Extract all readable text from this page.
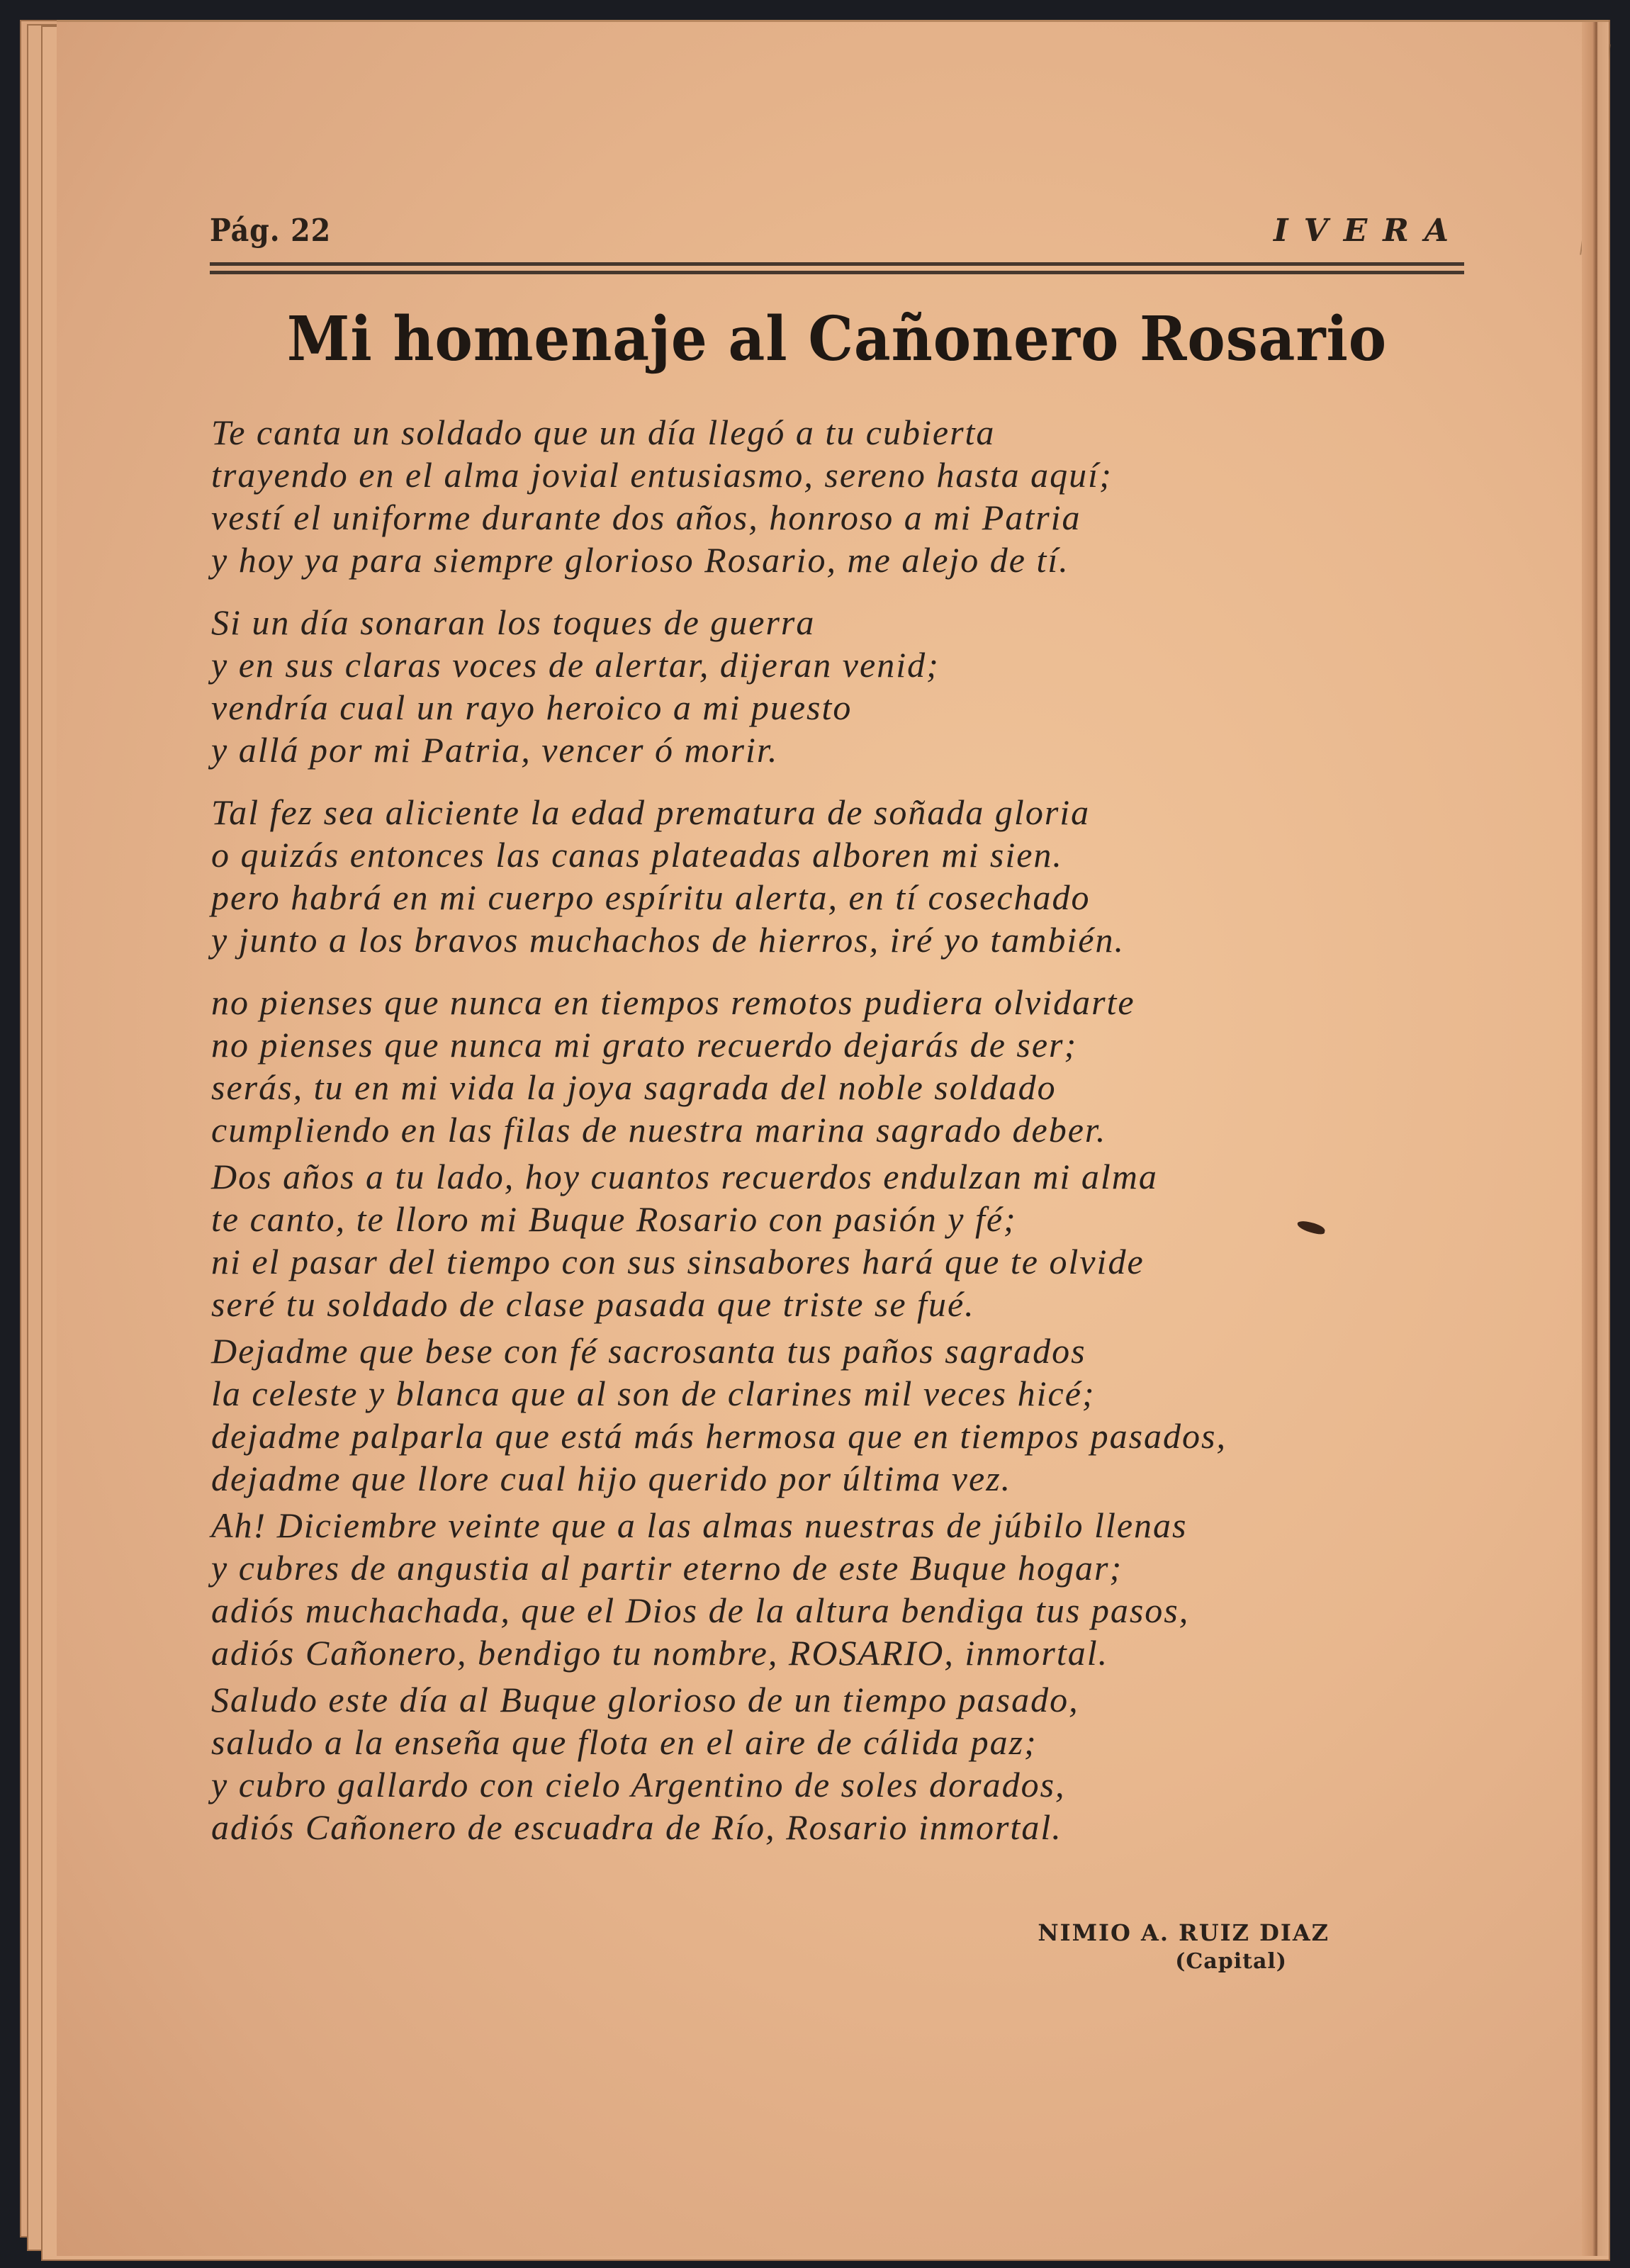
Pág. 22	IVERA
Mi homenaje al Cañonero Rosario
Te canta un soldado que un día llegó a tu cubierta
trayendo en el alma jovial entusiasmo, sereno hasta aquí;
vestí el uniforme durante dos años, honroso a mi Patria
y hoy ya para siempre glorioso Rosario, me alejo de tí.
Si un día sonaran los toques de guerra
y en sus claras voces de alertar, dijeran venid;
vendría cual un rayo heroico a mi puesto
y allá por mi Patria, vencer ó morir.
Tal fez sea aliciente la edad prematura de soñada gloria
o quizás entonces las canas plateadas alboren mi sien.
pero habrá en mi cuerpo espíritu alerta, en tí cosechado
y junto a los bravos muchachos de hierros, iré yo también.
no pienses que nunca en tiempos remotos pudiera olvidarte
no pienses que nunca mi grato recuerdo dejarás de ser;
serás, tu en mi vida la joya sagrada del noble soldado
cumpliendo en las filas de nuestra marina sagrado deber.
Dos años a tu lado, hoy cuantos recuerdos endulzan mi alma
te canto, te lloro mi Buque Rosario con pasión y fé;
ni el pasar del tiempo con sus sinsabores hará que te olvide
seré tu soldado de clase pasada que triste se fué.
Dejadme que bese con fé sacrosanta tus paños sagrados
la celeste y blanca que al son de clarines mil veces hicé;
dejadme palparla que está más hermosa que en tiempos pasados,
dejadme que llore cual hijo querido por última vez.
Ah! Diciembre veinte que a las almas nuestras de júbilo llenas
y cubres de angustia al partir eterno de este Buque hogar;
adiós muchachada, que el Dios de la altura bendiga tus pasos,
adiós Cañonero, bendigo tu nombre, ROSARIO, inmortal.
Saludo este día al Buque glorioso de un tiempo pasado,
saludo a la enseña que flota en el aire de cálida paz;
y cubro gallardo con cielo Argentino de soles dorados,
adiós Cañonero de escuadra de Río, Rosario inmortal.
NIMIO A. RUIZ DIAZ
(Capital)
